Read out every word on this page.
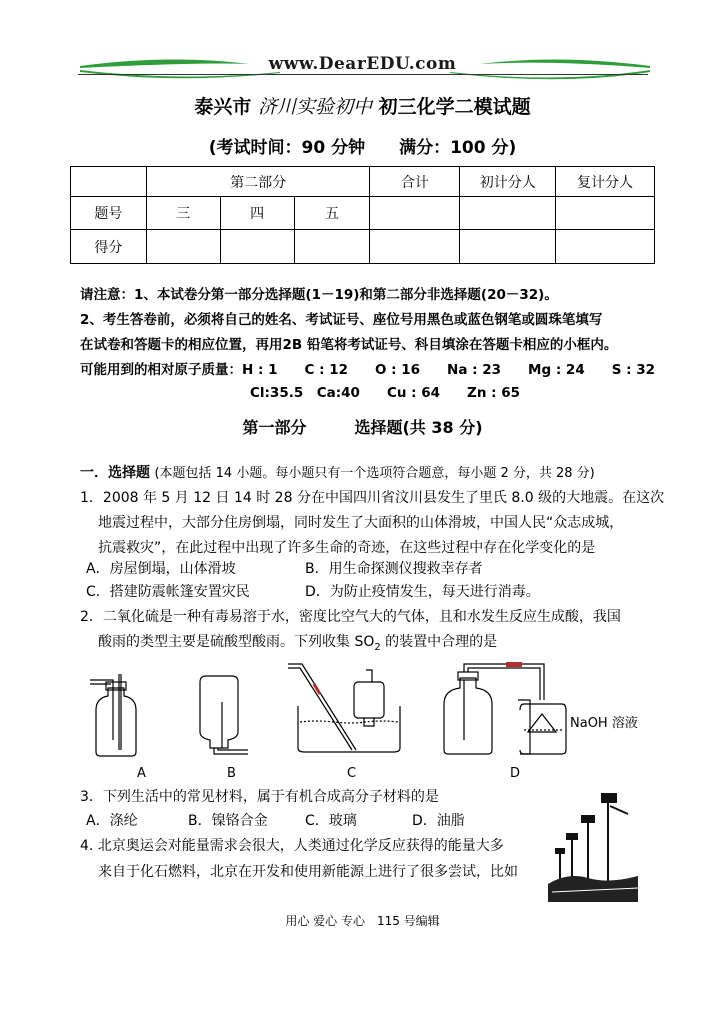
www.DearEDU.com
泰兴市 济川实验初中 初三化学二模试题
(考试时间：90 分钟　　满分：100 分)
	第二部分			合计	初计分人	复计分人
题号	三	四	五			
得分						
请注意：1、本试卷分第一部分选择题(1－19)和第二部分非选择题(20－32)。
2、考生答卷前，必须将自己的姓名、考试证号、座位号用黑色或蓝色钢笔或圆珠笔填写
在试卷和答题卡的相应位置，再用2B 铅笔将考试证号、科目填涂在答题卡相应的小框内。
可能用到的相对原子质量：H : 1　　C : 12　　O : 16　　Na : 23　　Mg : 24　　S : 32
Cl:35.5　Ca:40　　Cu : 64　　Zn : 65
第一部分　　　选择题(共 38 分)
一．选择题 (本题包括 14 小题。每小题只有一个选项符合题意，每小题 2 分，共 28 分)
1．2008 年 5 月 12 日 14 时 28 分在中国四川省汶川县发生了里氏 8.0 级的大地震。在这次
地震过程中，大部分住房倒塌，同时发生了大面积的山体滑坡，中国人民“众志成城，
抗震救灾”，在此过程中出现了许多生命的奇迹，在这些过程中存在化学变化的是
A．房屋倒塌，山体滑坡	B．用生命探测仪搜救幸存者
C．搭建防震帐篷安置灾民	D．为防止疫情发生，每天进行消毒。
2．二氧化硫是一种有毒易溶于水，密度比空气大的气体，且和水发生反应生成酸，我国
酸雨的类型主要是硫酸型酸雨。下列收集 $SO_2$ 的装置中合理的是
NaOH 溶液
A	B	C	D
3．下列生活中的常见材料，属于有机合成高分子材料的是
A．涤纶	B．镍铬合金	C．玻璃	D．油脂
4. 北京奥运会对能量需求会很大，人类通过化学反应获得的能量大多
来自于化石燃料，北京在开发和使用新能源上进行了很多尝试，比如
用心 爱心 专心　115 号编辑
